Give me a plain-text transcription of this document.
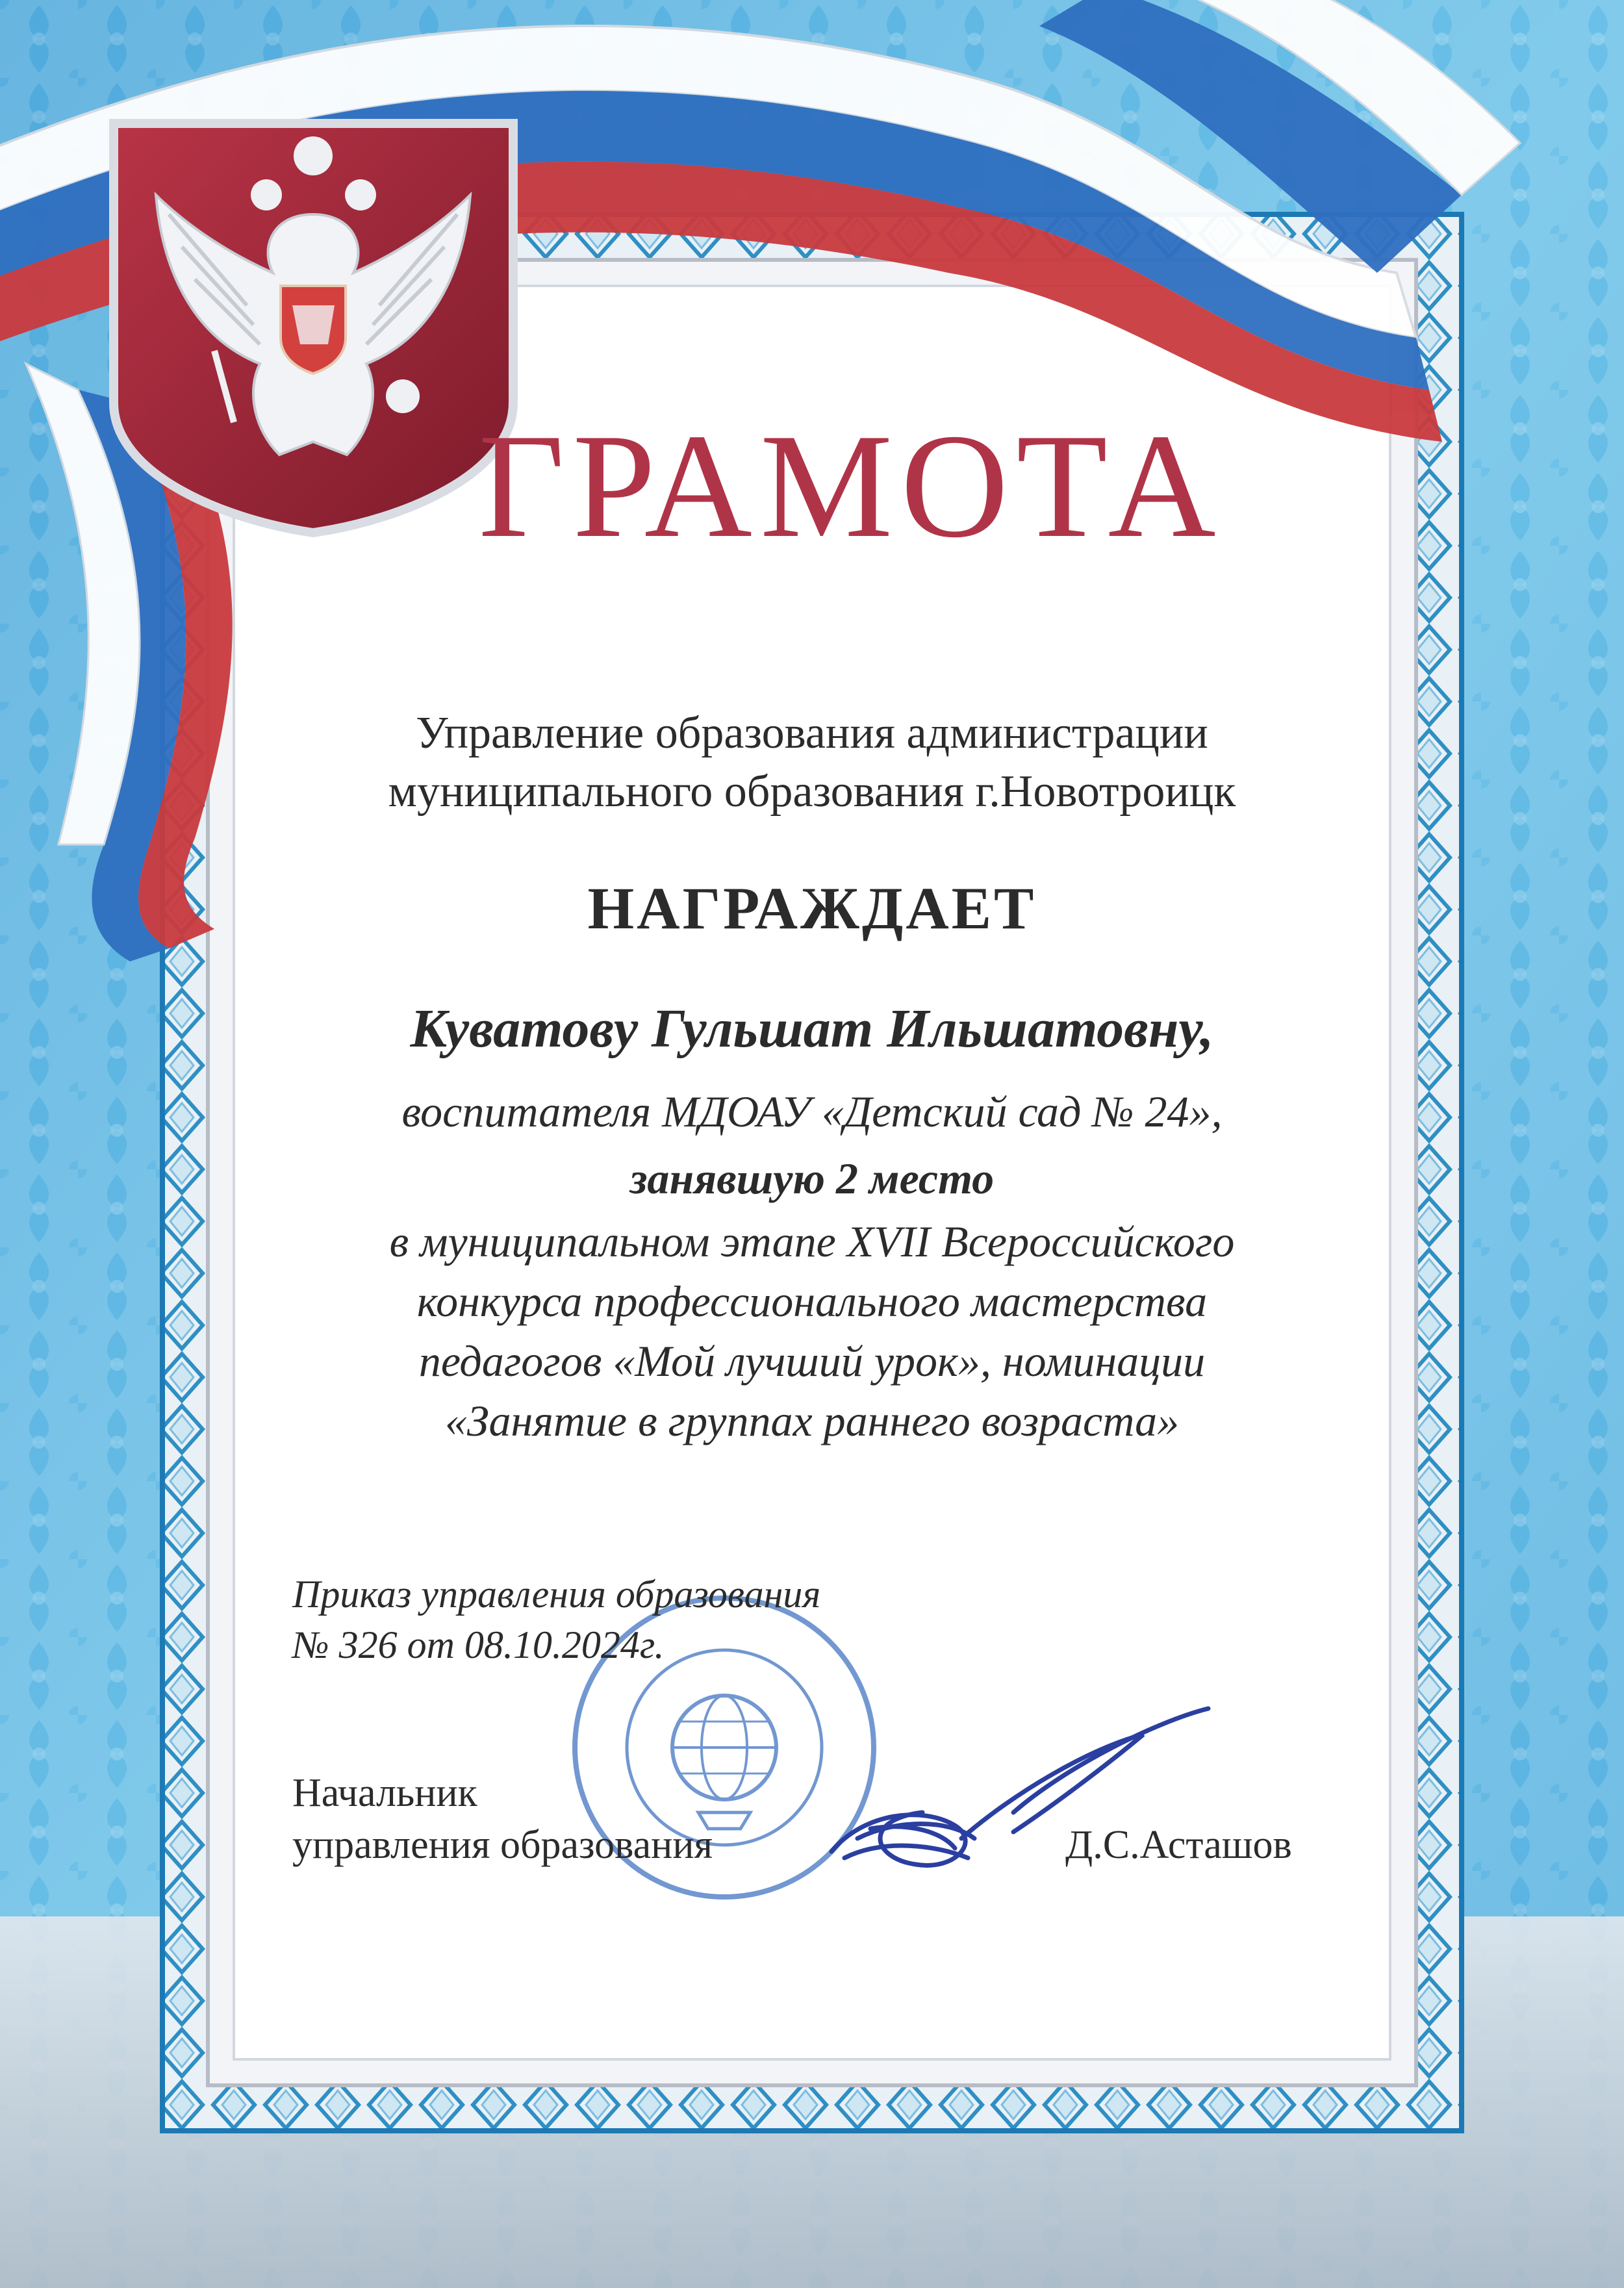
ГРАМОТА
Управление образования администрации
муниципального образования г.Новотроицк
НАГРАЖДАЕТ
Куватову Гульшат Ильшатовну,
воспитателя МДОАУ «Детский сад № 24»,
занявшую 2 место
в муниципальном этапе XVII Всероссийского
конкурса профессионального мастерства
педагогов «Мой лучший урок», номинации
«Занятие в группах раннего возраста»
Приказ управления образования
№ 326 от 08.10.2024г.
Начальник
управления образования	Д.С.Асташов
